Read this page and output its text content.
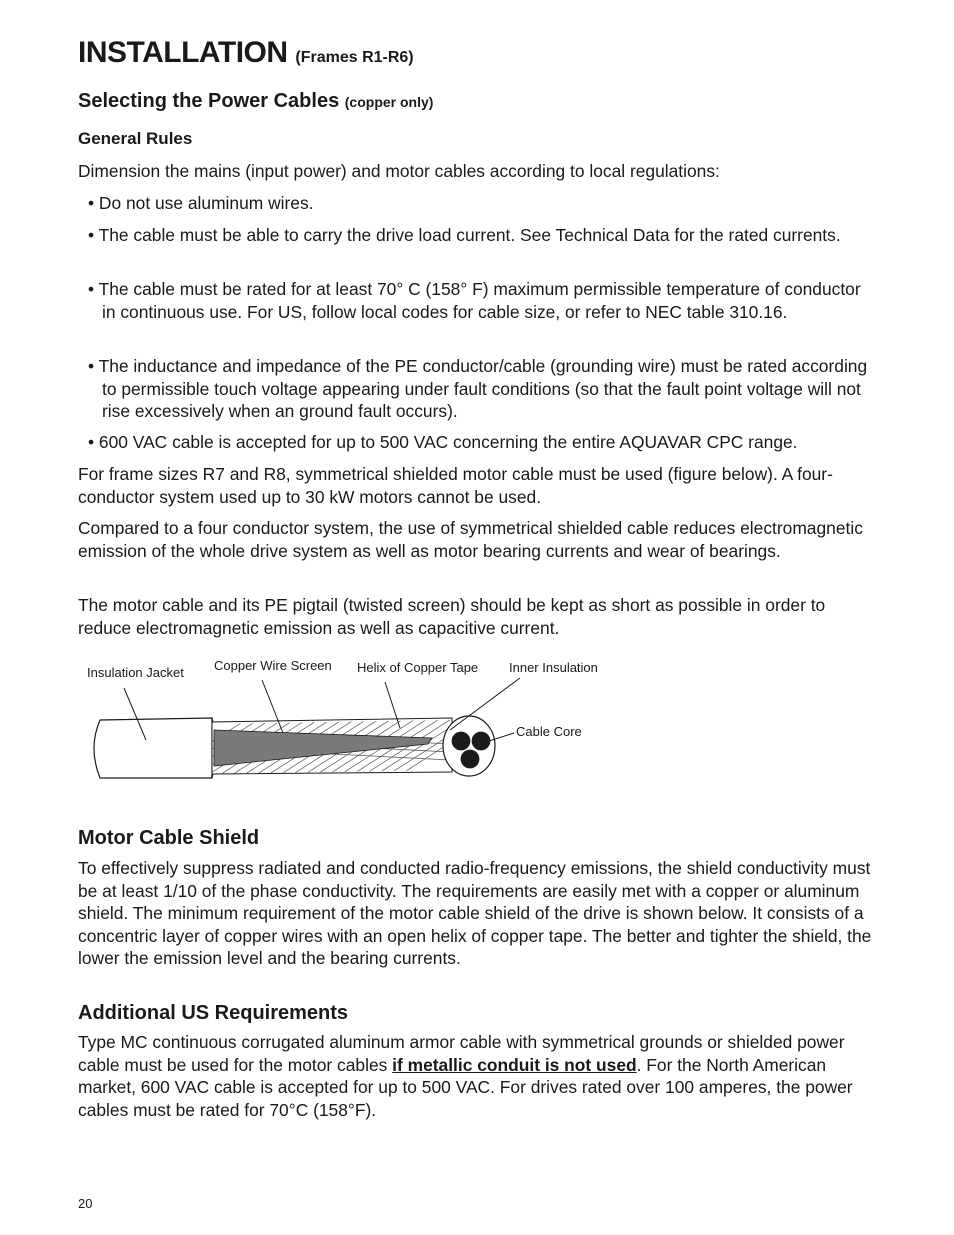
INSTALLATION (Frames R1-R6)
Selecting the Power Cables (copper only)
General Rules
Dimension the mains (input power) and motor cables according to local regulations:
• Do not use aluminum wires.
• The cable must be able to carry the drive load current. See Technical Data for the rated currents.
• The cable must be rated for at least 70° C (158° F) maximum permissible temperature of conductor in continuous use. For US, follow local codes for cable size, or refer to NEC table 310.16.
• The inductance and impedance of the PE conductor/cable (grounding wire) must be rated according to permissible touch voltage appearing under fault conditions (so that the fault point voltage will not rise excessively when an ground fault occurs).
• 600 VAC cable is accepted for up to 500 VAC concerning the entire AQUAVAR CPC range.
For frame sizes R7 and R8, symmetrical shielded motor cable must be used (figure below). A four-conductor system used up to 30 kW motors cannot be used.
Compared to a four conductor system, the use of symmetrical shielded cable reduces electromagnetic emission of the whole drive system as well as motor bearing currents and wear of bearings.
The motor cable and its PE pigtail (twisted screen) should be kept as short as possible in order to reduce electromagnetic emission as well as capacitive current.
Insulation Jacket Copper Wire Screen Helix of Copper Tape Inner Insulation
Cable Core
Motor Cable Shield
To effectively suppress radiated and conducted radio-frequency emissions, the shield conductivity must be at least 1/10 of the phase conductivity. The requirements are easily met with a copper or aluminum shield. The minimum requirement of the motor cable shield of the drive is shown below. It consists of a concentric layer of copper wires with an open helix of copper tape. The better and tighter the shield, the lower the emission level and the bearing currents.
Additional US Requirements
Type MC continuous corrugated aluminum armor cable with symmetrical grounds or shielded power cable must be used for the motor cables if metallic conduit is not used. For the North American market, 600 VAC cable is accepted for up to 500 VAC. For drives rated over 100 amperes, the power cables must be rated for 70°C (158°F).
20
